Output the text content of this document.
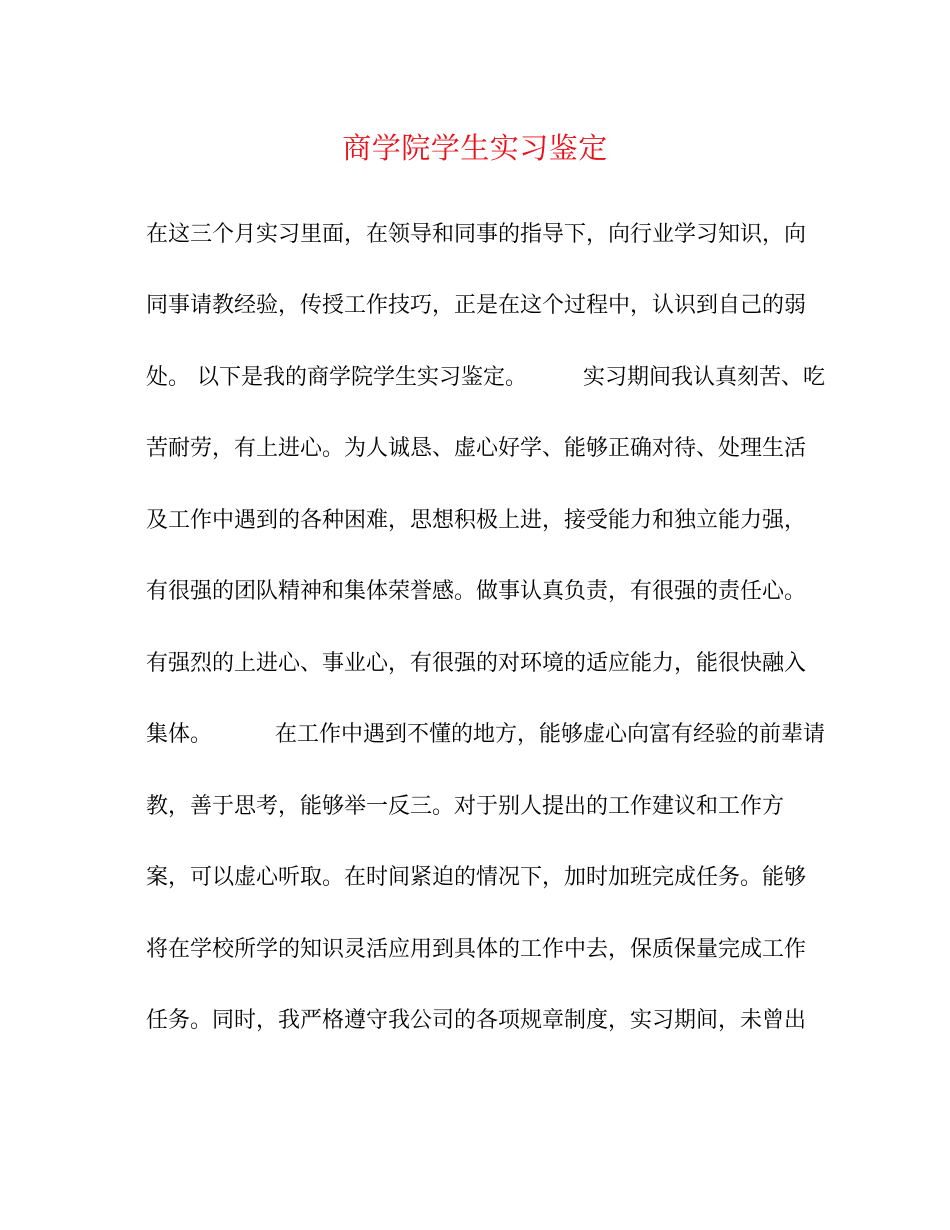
商学院学生实习鉴定
在这三个月实习里面，在领导和同事的指导下，向行业学习知识，向
同事请教经验，传授工作技巧，正是在这个过程中，认识到自己的弱
处。 以下是我的商学院学生实习鉴定。        实习期间我认真刻苦、吃
苦耐劳，有上进心。为人诚恳、虚心好学、能够正确对待、处理生活
及工作中遇到的各种困难，思想积极上进，接受能力和独立能力强，
有很强的团队精神和集体荣誉感。做事认真负责，有很强的责任心。
有强烈的上进心、事业心，有很强的对环境的适应能力，能很快融入
集体。         在工作中遇到不懂的地方，能够虚心向富有经验的前辈请
教，善于思考，能够举一反三。对于别人提出的工作建议和工作方
案，可以虚心听取。在时间紧迫的情况下，加时加班完成任务。能够
将在学校所学的知识灵活应用到具体的工作中去，保质保量完成工作
任务。同时，我严格遵守我公司的各项规章制度，实习期间，未曾出
